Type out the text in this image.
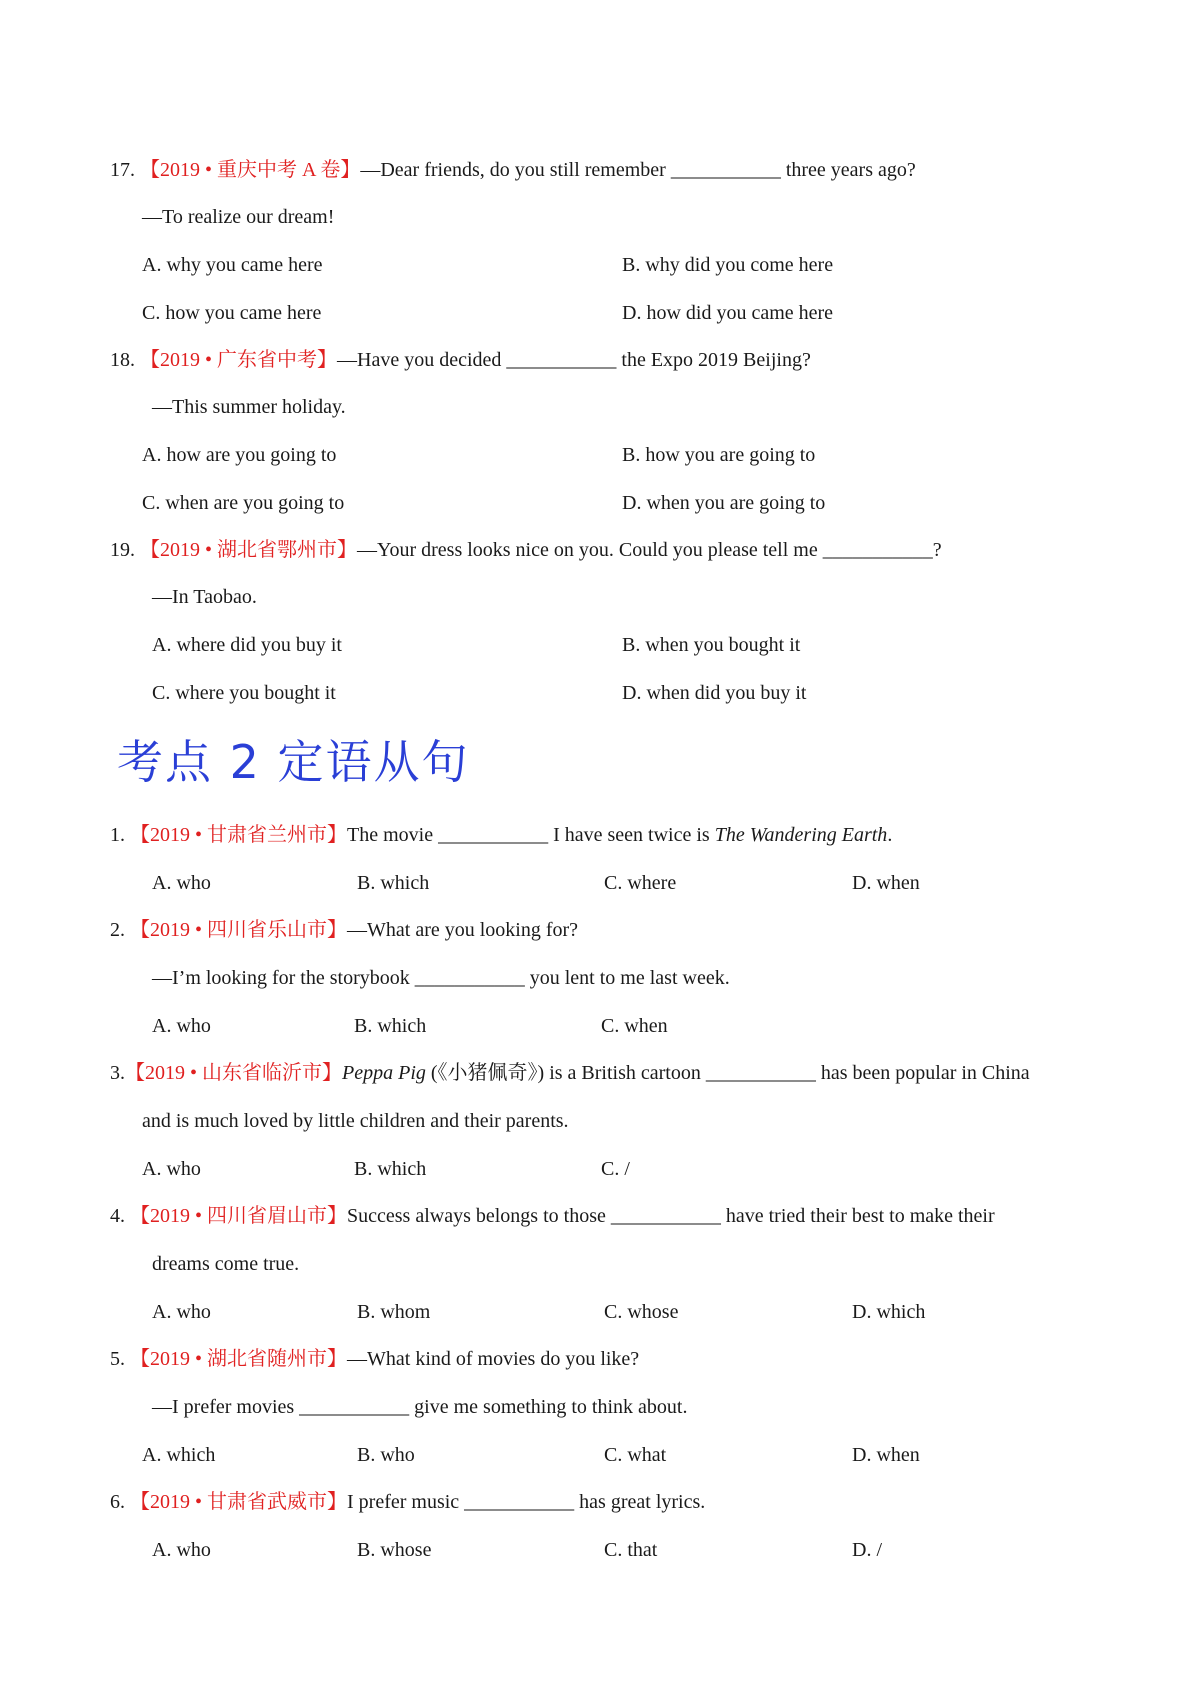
17. 【2019 • 重庆中考 A 卷】—Dear friends, do you still remember ___________ three years ago?
—To realize our dream!
A. why you came here	B. why did you come here
C. how you came here	D. how did you came here
18. 【2019 • 广东省中考】—Have you decided ___________ the Expo 2019 Beijing?
—This summer holiday.
A. how are you going to	B. how you are going to
C. when are you going to	D. when you are going to
19. 【2019 • 湖北省鄂州市】—Your dress looks nice on you. Could you please tell me ___________?
—In Taobao.
A. where did you buy it	B. when you bought it
C. where you bought it	D. when did you buy it
考点 2 定语从句
1. 【2019 • 甘肃省兰州市】The movie ___________ I have seen twice is The Wandering Earth.
A. who	B. which	C. where	D. when
2. 【2019 • 四川省乐山市】—What are you looking for?
—I’m looking for the storybook ___________ you lent to me last week.
A. who	B. which	C. when
3.【2019 • 山东省临沂市】Peppa Pig (《小猪佩奇》) is a British cartoon ___________ has been popular in China
and is much loved by little children and their parents.
A. who	B. which	C. /
4. 【2019 • 四川省眉山市】Success always belongs to those ___________ have tried their best to make their
dreams come true.
A. who	B. whom	C. whose	D. which
5. 【2019 • 湖北省随州市】—What kind of movies do you like?
—I prefer movies ___________ give me something to think about.
A. which	B. who	C. what	D. when
6. 【2019 • 甘肃省武威市】I prefer music ___________ has great lyrics.
A. who	B. whose	C. that	D. /
